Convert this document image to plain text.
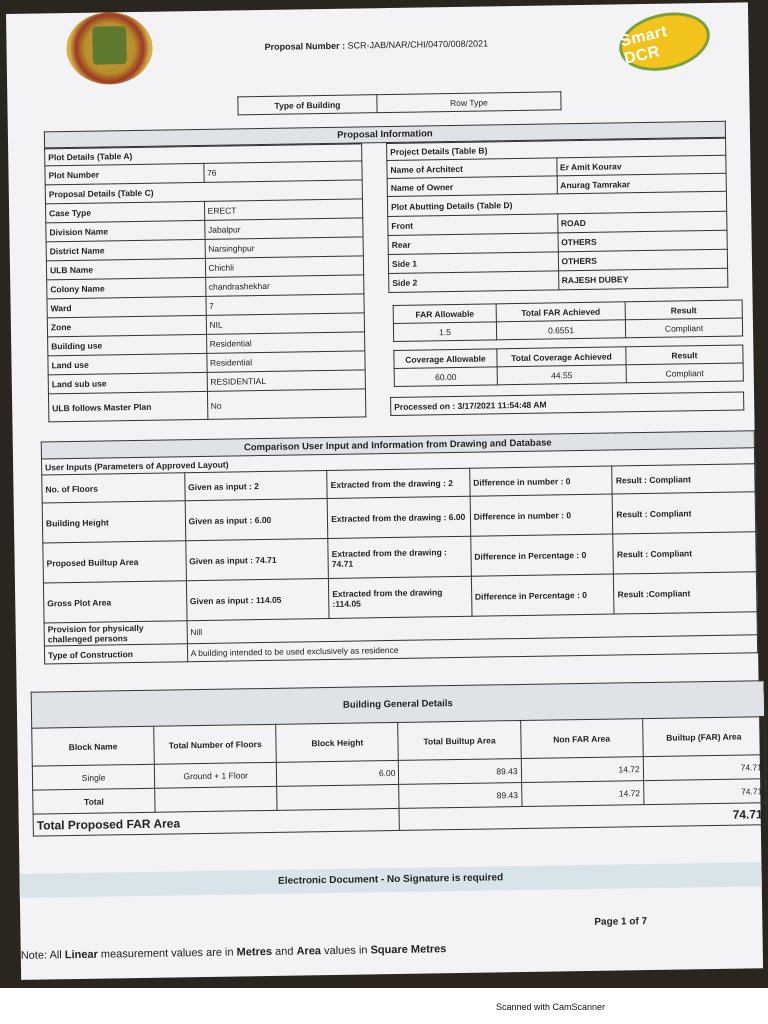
Proposal Number : SCR-JAB/NAR/CHI/0470/008/2021	Smart DCR
Type of Building	Row Type
Proposal Information
Plot Details (Table A)	
Plot Number	76
Proposal Details (Table C)	
Case Type	ERECT
Division Name	Jabalpur
District Name	Narsinghpur
ULB Name	Chichli
Colony Name	chandrashekhar
Ward	7
Zone	NIL
Building use	Residential
Land use	Residential
Land sub use	RESIDENTIAL
ULB follows Master Plan	No
Project Details (Table B)	
Name of Architect	Er Amit Kourav
Name of Owner	Anurag Tamrakar
Plot Abutting Details (Table D)	
Front	ROAD
Rear	OTHERS
Side 1	OTHERS
Side 2	RAJESH DUBEY
FAR Allowable	Total FAR Achieved	Result
1.5	0.6551	Compliant
Coverage Allowable	Total Coverage Achieved	Result
60.00	44.55	Compliant
Processed on : 3/17/2021 11:54:48 AM
Comparison User Input and Information from Drawing and Database				
User Inputs (Parameters of Approved Layout)				
No. of Floors	Given as input : 2	Extracted from the drawing : 2	Difference in number : 0	Result : Compliant
Building Height	Given as input : 6.00	Extracted from the drawing : 6.00	Difference in number : 0	Result : Compliant
Proposed Builtup Area	Given as input : 74.71	Extracted from the drawing : 74.71	Difference in Percentage : 0	Result : Compliant
Gross Plot Area	Given as input : 114.05	Extracted from the drawing :114.05	Difference in Percentage : 0	Result :Compliant
Provision for physically challenged persons	Nill			
Type of Construction	A building intended to be used exclusively as residence			
Building General Details					
Block Name	Total Number of Floors	Block Height	Total Builtup Area	Non FAR Area	Builtup (FAR) Area
Single	Ground + 1 Floor	6.00	89.43	14.72	74.71
Total			89.43	14.72	74.71
Total Proposed FAR Area			74.71		
Electronic Document - No Signature is required
Page 1 of 7
Note: All Linear measurement values are in Metres and Area values in Square Metres
Scanned with CamScanner
